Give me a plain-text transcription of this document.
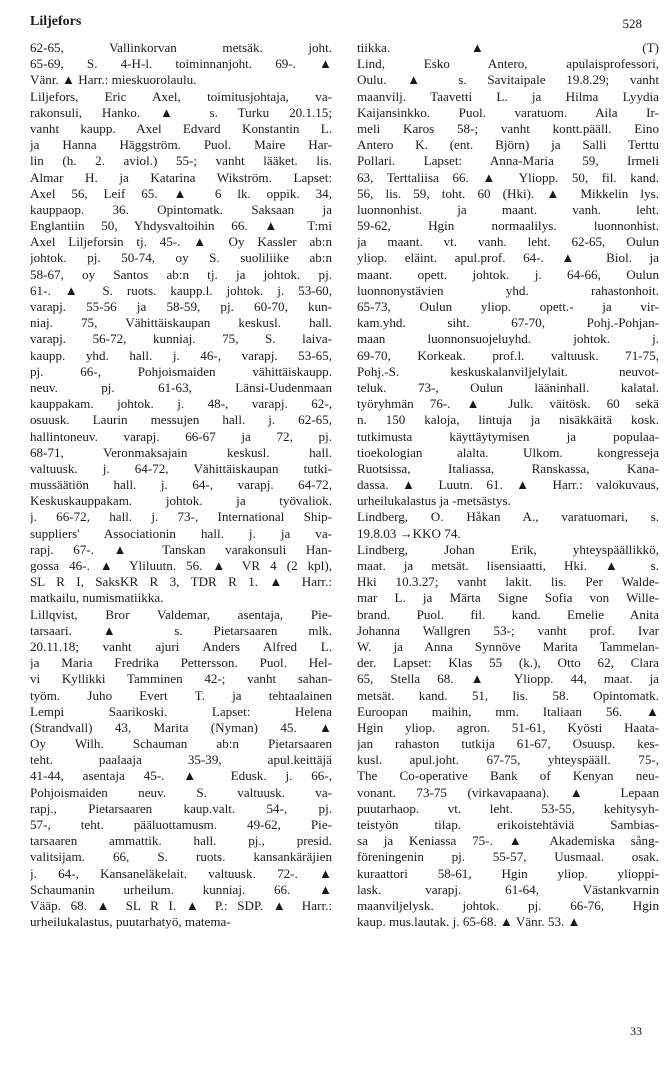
Liljefors	528
62-65, Vallinkorvan metsäk. joht.
65-69, S. 4-H-l. toiminnanjoht. 69-. ▲
Vänr. ▲ Harr.: mieskuorolaulu.
Liljefors, Eric Axel, toimitusjohtaja, va-
rakonsuli, Hanko. ▲ s. Turku 20.1.15;
vanht kaupp. Axel Edvard Konstantin L.
ja Hanna Häggström. Puol. Maire Har-
lin (h. 2. aviol.) 55-; vanht lääket. lis.
Almar H. ja Katarina Wikström. Lapset:
Axel 56, Leif 65. ▲ 6 lk. oppik. 34,
kauppaop. 36. Opintomatk. Saksaan ja
Englantiin 50, Yhdysvaltoihin 66. ▲ T:mi
Axel Liljeforsin tj. 45-. ▲ Oy Kassler ab:n
johtok. pj. 50-74, oy S. suoliliike ab:n
58-67, oy Santos ab:n tj. ja johtok. pj.
61-. ▲ S. ruots. kaupp.l. johtok. j. 53-60,
varapj. 55-56 ja 58-59, pj. 60-70, kun-
niaj. 75, Vähittäiskaupan keskusl. hall.
varapj. 56-72, kunniaj. 75, S. laiva-
kaupp. yhd. hall. j. 46-, varapj. 53-65,
pj. 66-, Pohjoismaiden vähittäiskaupp.
neuv. pj. 61-63, Länsi-Uudenmaan
kauppakam. johtok. j. 48-, varapj. 62-,
osuusk. Laurin messujen hall. j. 62-65,
hallintoneuv. varapj. 66-67 ja 72, pj.
68-71, Veronmaksajain keskusl. hall.
valtuusk. j. 64-72, Vähittäiskaupan tutki-
mussäätiön hall. j. 64-, varapj. 64-72,
Keskuskauppakam. johtok. ja työvaliok.
j. 66-72, hall. j. 73-, International Ship-
suppliers' Associationin hall. j. ja va-
rapj. 67-. ▲ Tanskan varakonsuli Han-
gossa 46-. ▲ Yliluutn. 56. ▲ VR 4 (2 kpl),
SL R I, SaksKR R 3, TDR R 1. ▲ Harr.:
matkailu, numismatiikka.
Lillqvist, Bror Valdemar, asentaja, Pie-
tarsaari. ▲ s. Pietarsaaren mlk.
20.11.18; vanht ajuri Anders Alfred L.
ja Maria Fredrika Pettersson. Puol. Hel-
vi Kyllikki Tamminen 42-; vanht sahan-
työm. Juho Evert T. ja tehtaalainen
Lempi Saarikoski. Lapset: Helena
(Strandvall) 43, Marita (Nyman) 45. ▲
Oy Wilh. Schauman ab:n Pietarsaaren
teht. paalaaja 35-39, apul.keittäjä
41-44, asentaja 45-. ▲ Edusk. j. 66-,
Pohjoismaiden neuv. S. valtuusk. va-
rapj., Pietarsaaren kaup.valt. 54-, pj.
57-, teht. pääluottamusm. 49-62, Pie-
tarsaaren ammattik. hall. pj., presid.
valitsijam. 66, S. ruots. kansankäräjien
j. 64-, Kansaneläkelait. valtuusk. 72-. ▲
Schaumanin urheilum. kunniaj. 66. ▲
Vääp. 68. ▲ SL R I. ▲ P.: SDP. ▲ Harr.:
urheilukalastus, puutarhatyö, matema-
tiikka. ▲ (T)
Lind, Esko Antero, apulaisprofessori,
Oulu. ▲ s. Savitaipale 19.8.29; vanht
maanvilj. Taavetti L. ja Hilma Lyydia
Kaijansinkko. Puol. varatuom. Aila Ir-
meli Karos 58-; vanht kontt.pääll. Eino
Antero K. (ent. Björn) ja Salli Terttu
Pollari. Lapset: Anna-Maria 59, Irmeli
63, Terttaliisa 66. ▲ Yliopp. 50, fil. kand.
56, lis. 59, toht. 60 (Hki). ▲ Mikkelin lys.
luonnonhist. ja maant. vanh. leht.
59-62, Hgin normaalilys. luonnonhist.
ja maant. vt. vanh. leht. 62-65, Oulun
yliop. eläint. apul.prof. 64-. ▲ Biol. ja
maant. opett. johtok. j. 64-66, Oulun
luonnonystävien yhd. rahastonhoit.
65-73, Oulun yliop. opett.- ja vir-
kam.yhd. siht. 67-70, Pohj.-Pohjan-
maan luonnonsuojeluyhd. johtok. j.
69-70, Korkeak. prof.l. valtuusk. 71-75,
Pohj.-S. keskuskalanviljelylait. neuvot-
teluk. 73-, Oulun lääninhall. kalatal.
työryhmän 76-. ▲ Julk. väitösk. 60 sekä
n. 150 kaloja, lintuja ja nisäkkäitä kosk.
tutkimusta käyttäytymisen ja populaa-
tioekologian alalta. Ulkom. kongresseja
Ruotsissa, Italiassa, Ranskassa, Kana-
dassa. ▲ Luutn. 61. ▲ Harr.: valokuvaus,
urheilukalastus ja -metsästys.
Lindberg, O. Håkan A., varatuomari, s.
19.8.03 →KKO 74.
Lindberg, Johan Erik, yhteyspäällikkö,
maat. ja metsät. lisensiaatti, Hki. ▲ s.
Hki 10.3.27; vanht lakit. lis. Per Walde-
mar L. ja Märta Signe Sofia von Wille-
brand. Puol. fil. kand. Emelie Anita
Johanna Wallgren 53-; vanht prof. Ivar
W. ja Anna Synnöve Marita Tammelan-
der. Lapset: Klas 55 (k.), Otto 62, Clara
65, Stella 68. ▲ Yliopp. 44, maat. ja
metsät. kand. 51, lis. 58. Opintomatk.
Euroopan maihin, mm. Italiaan 56. ▲
Hgin yliop. agron. 51-61, Kyösti Haata-
jan rahaston tutkija 61-67, Osuusp. kes-
kusl. apul.joht. 67-75, yhteyspääll. 75-,
The Co-operative Bank of Kenyan neu-
vonant. 73-75 (virkavapaana). ▲ Lepaan
puutarhaop. vt. leht. 53-55, kehitysyh-
teistyön tilap. erikoistehtäviä Sambias-
sa ja Keniassa 75-. ▲ Akademiska sång-
föreningenin pj. 55-57, Uusmaal. osak.
kuraattori 58-61, Hgin yliop. ylioppi-
lask. varapj. 61-64, Västankvarnin
maanviljelysk. johtok. pj. 66-76, Hgin
kaup. mus.lautak. j. 65-68. ▲ Vänr. 53. ▲
33
